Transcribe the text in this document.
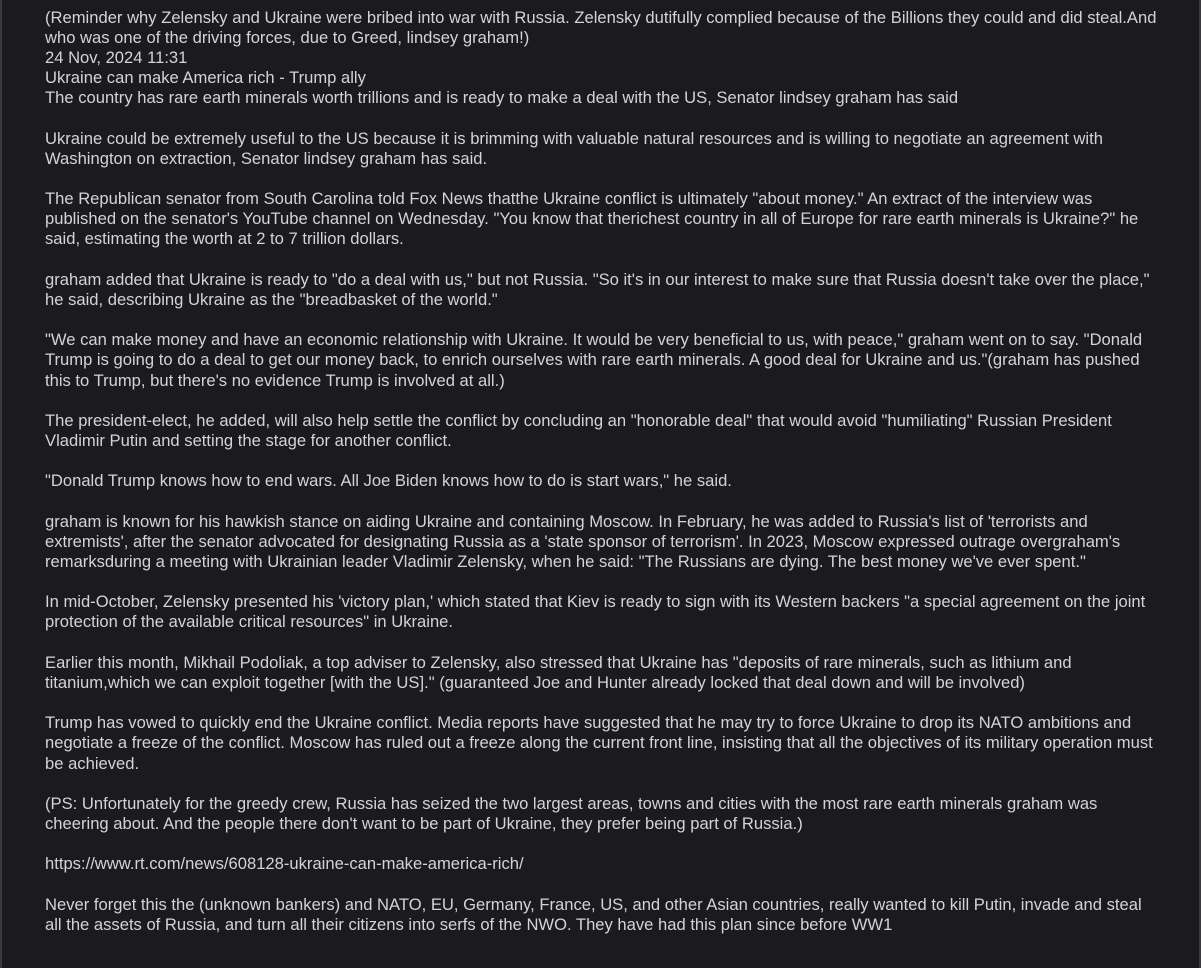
(Reminder why Zelensky and Ukraine were bribed into war with Russia. Zelensky dutifully complied because of the Billions they could and did steal.And who was one of the driving forces, due to Greed, lindsey graham!)
24 Nov, 2024 11:31
Ukraine can make America rich - Trump ally
The country has rare earth minerals worth trillions and is ready to make a deal with the US, Senator lindsey graham has said
Ukraine could be extremely useful to the US because it is brimming with valuable natural resources and is willing to negotiate an agreement with Washington on extraction, Senator lindsey graham has said.
The Republican senator from South Carolina told Fox News thatthe Ukraine conflict is ultimately "about money." An extract of the interview was published on the senator's YouTube channel on Wednesday. "You know that therichest country in all of Europe for rare earth minerals is Ukraine?" he said, estimating the worth at 2 to 7 trillion dollars.
graham added that Ukraine is ready to "do a deal with us," but not Russia. "So it's in our interest to make sure that Russia doesn't take over the place," he said, describing Ukraine as the "breadbasket of the world."
"We can make money and have an economic relationship with Ukraine. It would be very beneficial to us, with peace," graham went on to say. "Donald Trump is going to do a deal to get our money back, to enrich ourselves with rare earth minerals. A good deal for Ukraine and us."(graham has pushed this to Trump, but there's no evidence Trump is involved at all.)
The president-elect, he added, will also help settle the conflict by concluding an "honorable deal" that would avoid "humiliating" Russian President Vladimir Putin and setting the stage for another conflict.
"Donald Trump knows how to end wars. All Joe Biden knows how to do is start wars," he said.
graham is known for his hawkish stance on aiding Ukraine and containing Moscow. In February, he was added to Russia's list of 'terrorists and extremists', after the senator advocated for designating Russia as a 'state sponsor of terrorism'. In 2023, Moscow expressed outrage overgraham's remarksduring a meeting with Ukrainian leader Vladimir Zelensky, when he said: "The Russians are dying. The best money we've ever spent."
In mid-October, Zelensky presented his 'victory plan,' which stated that Kiev is ready to sign with its Western backers "a special agreement on the joint protection of the available critical resources" in Ukraine.
Earlier this month, Mikhail Podoliak, a top adviser to Zelensky, also stressed that Ukraine has "deposits of rare minerals, such as lithium and titanium,which we can exploit together [with the US]." (guaranteed Joe and Hunter already locked that deal down and will be involved)
Trump has vowed to quickly end the Ukraine conflict. Media reports have suggested that he may try to force Ukraine to drop its NATO ambitions and negotiate a freeze of the conflict. Moscow has ruled out a freeze along the current front line, insisting that all the objectives of its military operation must be achieved.
(PS: Unfortunately for the greedy crew, Russia has seized the two largest areas, towns and cities with the most rare earth minerals graham was cheering about. And the people there don't want to be part of Ukraine, they prefer being part of Russia.)
https://www.rt.com/news/608128-ukraine-can-make-america-rich/
Never forget this the (unknown bankers) and NATO, EU, Germany, France, US, and other Asian countries, really wanted to kill Putin, invade and steal all the assets of Russia, and turn all their citizens into serfs of the NWO. They have had this plan since before WW1
